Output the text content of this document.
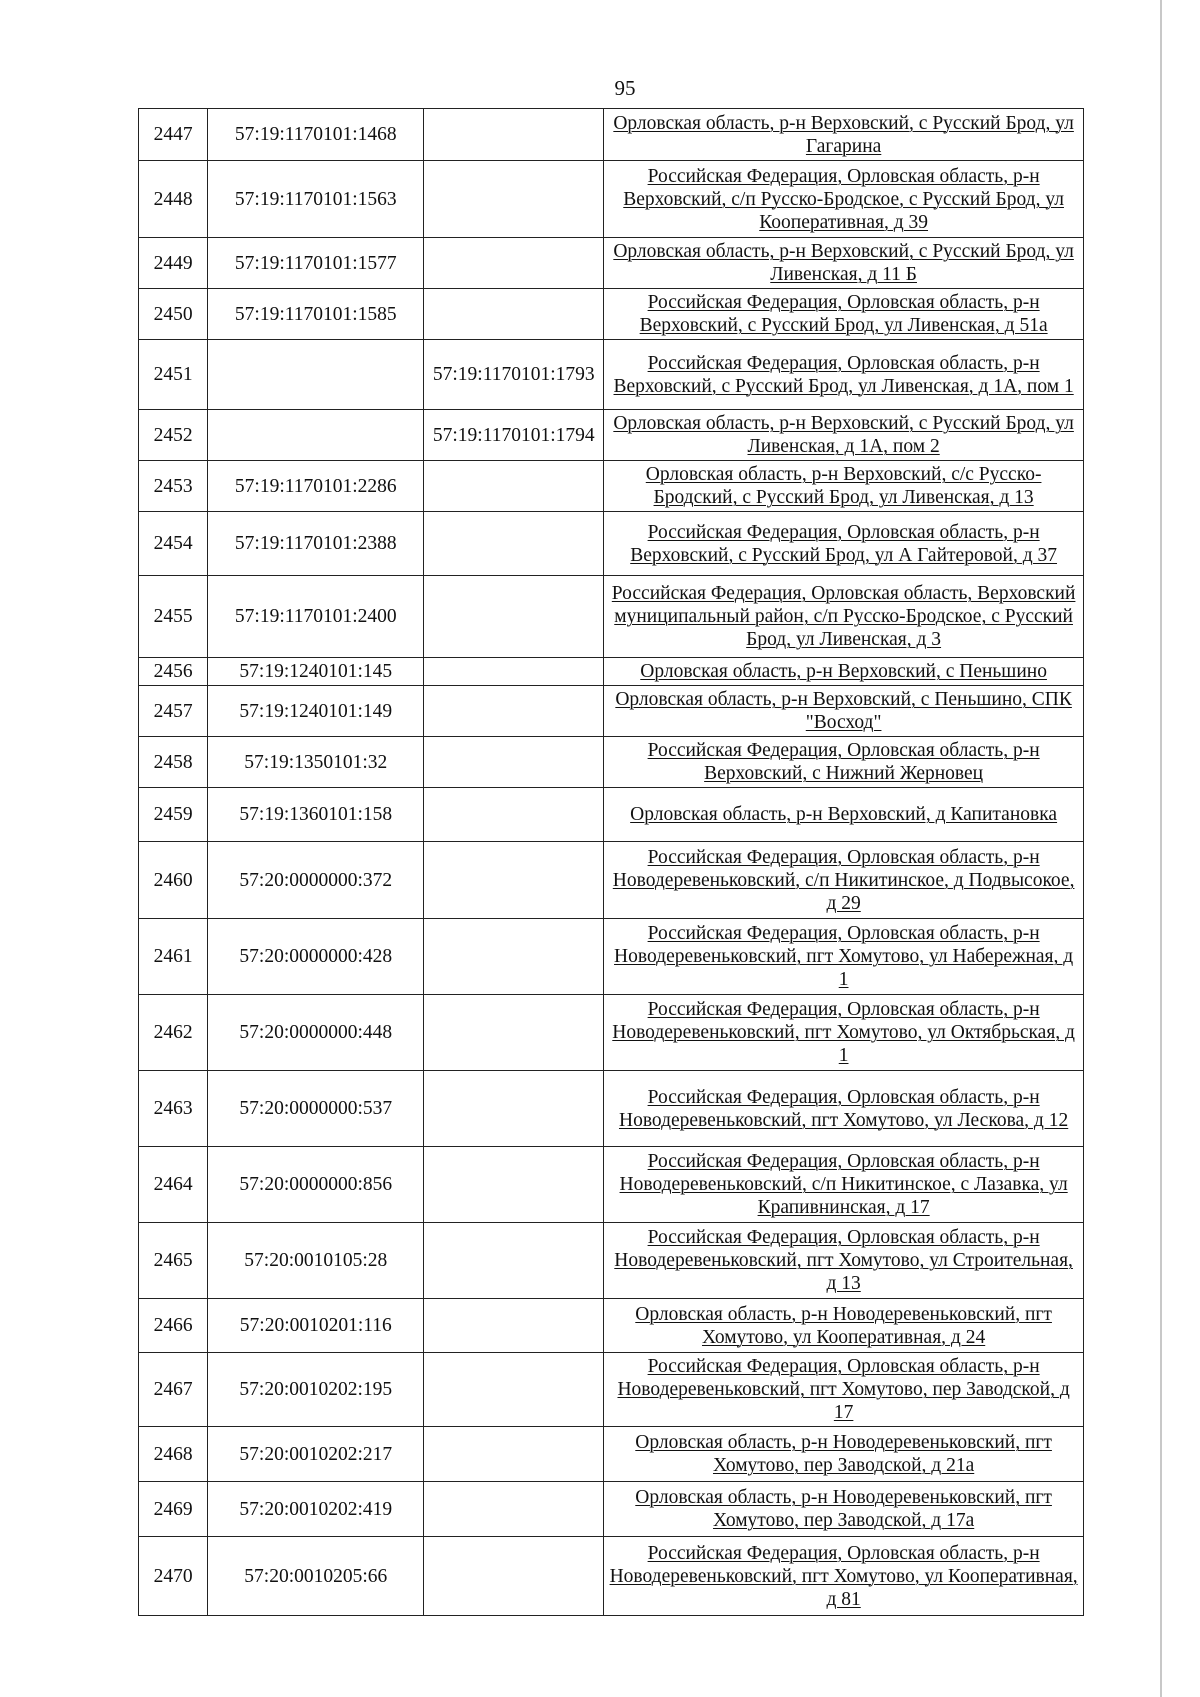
95
2447	57:19:1170101:1468		Орловская область, р-н Верховский, с Русский Брод, ул Гагарина
2448	57:19:1170101:1563		Российская Федерация, Орловская область, р-н Верховский, с/п Русско-Бродское, с Русский Брод, ул Кооперативная, д 39
2449	57:19:1170101:1577		Орловская область, р-н Верховский, с Русский Брод, ул Ливенская, д 11 Б
2450	57:19:1170101:1585		Российская Федерация, Орловская область, р-н Верховский, с Русский Брод, ул Ливенская, д 51а
2451		57:19:1170101:1793	Российская Федерация, Орловская область, р-н Верховский, с Русский Брод, ул Ливенская, д 1А, пом 1
2452		57:19:1170101:1794	Орловская область, р-н Верховский, с Русский Брод, ул Ливенская, д 1А, пом 2
2453	57:19:1170101:2286		Орловская область, р-н Верховский, с/с Русско-Бродский, с Русский Брод, ул Ливенская, д 13
2454	57:19:1170101:2388		Российская Федерация, Орловская область, р-н Верховский, с Русский Брод, ул А Гайтеровой, д 37
2455	57:19:1170101:2400		Российская Федерация, Орловская область, Верховский муниципальный район, с/п Русско-Бродское, с Русский Брод, ул Ливенская, д 3
2456	57:19:1240101:145		Орловская область, р-н Верховский, с Пеньшино
2457	57:19:1240101:149		Орловская область, р-н Верховский, с Пеньшино, СПК "Восход"
2458	57:19:1350101:32		Российская Федерация, Орловская область, р-н Верховский, с Нижний Жерновец
2459	57:19:1360101:158		Орловская область, р-н Верховский, д Капитановка
2460	57:20:0000000:372		Российская Федерация, Орловская область, р-н Новодеревеньковский, с/п Никитинское, д Подвысокое, д 29
2461	57:20:0000000:428		Российская Федерация, Орловская область, р-н Новодеревеньковский, пгт Хомутово, ул Набережная, д 1
2462	57:20:0000000:448		Российская Федерация, Орловская область, р-н Новодеревеньковский, пгт Хомутово, ул Октябрьская, д 1
2463	57:20:0000000:537		Российская Федерация, Орловская область, р-н Новодеревеньковский, пгт Хомутово, ул Лескова, д 12
2464	57:20:0000000:856		Российская Федерация, Орловская область, р-н Новодеревеньковский, с/п Никитинское, с Лазавка, ул Крапивнинская, д 17
2465	57:20:0010105:28		Российская Федерация, Орловская область, р-н Новодеревеньковский, пгт Хомутово, ул Строительная, д 13
2466	57:20:0010201:116		Орловская область, р-н Новодеревеньковский, пгт Хомутово, ул Кооперативная, д 24
2467	57:20:0010202:195		Российская Федерация, Орловская область, р-н Новодеревеньковский, пгт Хомутово, пер Заводской, д 17
2468	57:20:0010202:217		Орловская область, р-н Новодеревеньковский, пгт Хомутово, пер Заводской, д 21а
2469	57:20:0010202:419		Орловская область, р-н Новодеревеньковский, пгт Хомутово, пер Заводской, д 17а
2470	57:20:0010205:66		Российская Федерация, Орловская область, р-н Новодеревеньковский, пгт Хомутово, ул Кооперативная, д 81
